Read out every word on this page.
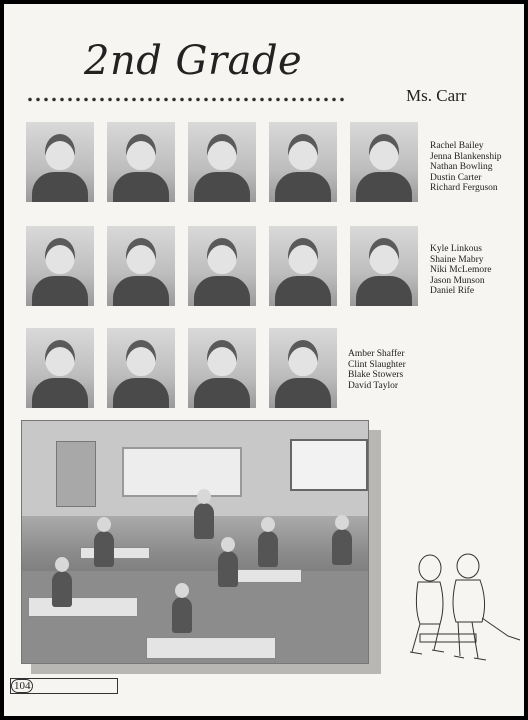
2nd Grade
Ms. Carr
Rachel Bailey
Jenna Blankenship
Nathan Bowling
Dustin Carter
Richard Ferguson
Kyle Linkous
Shaine Mabry
Niki McLemore
Jason Munson
Daniel Rife
Amber Shaffer
Clint Slaughter
Blake Stowers
David Taylor
104
